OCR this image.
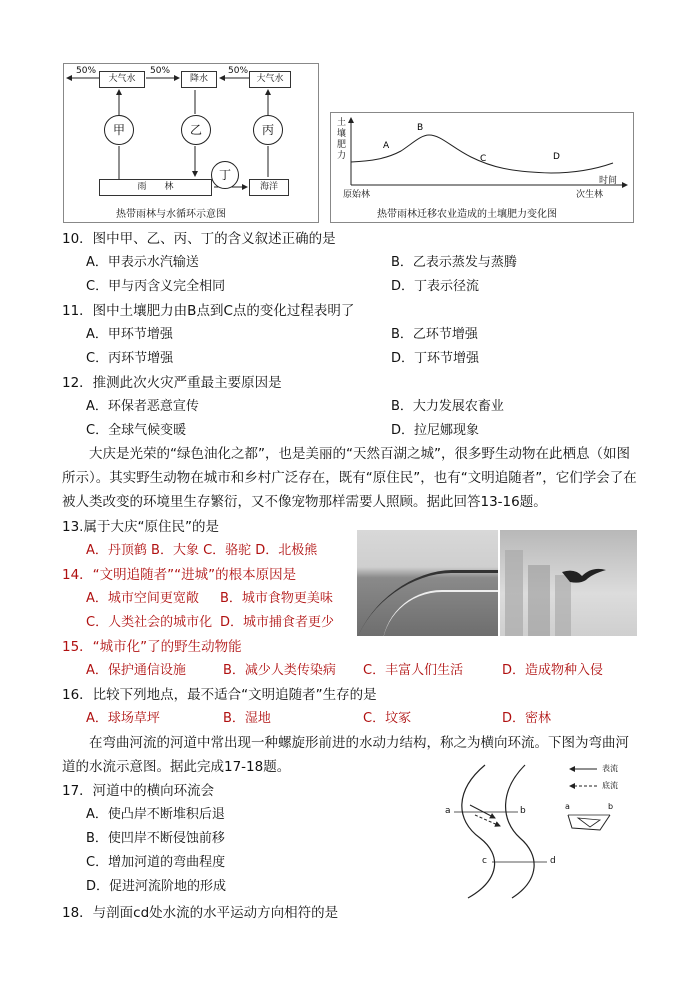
50%	50%	50%
大气水	降水	大气水
甲	乙	丙
丁
雨　　林	海洋
热带雨林与水循环示意图
A
B
C	D
土
壤
肥
力
时间
原始林	次生林
热带雨林迁移农业造成的土壤肥力变化图
10．图中甲、乙、丙、丁的含义叙述正确的是
A．甲表示水汽输送	B．乙表示蒸发与蒸腾
C．甲与丙含义完全相同	D．丁表示径流
11．图中土壤肥力由B点到C点的变化过程表明了
A．甲环节增强	B．乙环节增强
C．丙环节增强	D．丁环节增强
12．推测此次火灾严重最主要原因是
A．环保者恶意宣传	B．大力发展农畜业
C．全球气候变暖	D．拉尼娜现象
大庆是光荣的“绿色油化之都”，也是美丽的“天然百湖之城”，很多野生动物在此栖息（如图所示）。其实野生动物在城市和乡村广泛存在，既有“原住民”，也有“文明追随者”，它们学会了在被人类改变的环境里生存繁衍，又不像宠物那样需要人照顾。据此回答13-16题。
13.属于大庆“原住民”的是
A．丹顶鹤 B．大象 C．骆驼 D．北极熊
14．“文明追随者”“进城”的根本原因是
A．城市空间更宽敞 B．城市食物更美味
C．人类社会的城市化 D．城市捕食者更少
15．“城市化”了的野生动物能
A．保护通信设施	B．减少人类传染病 C．丰富人们生活	D．造成物种入侵
16．比较下列地点，最不适合“文明追随者”生存的是
A．球场草坪	B．湿地	C．坟冢	D．密林
在弯曲河流的河道中常出现一种螺旋形前进的水动力结构，称之为横向环流。下图为弯曲河道的水流示意图。据此完成17-18题。
17．河道中的横向环流会
A．使凸岸不断堆积后退
B．使凹岸不断侵蚀前移
C．增加河道的弯曲程度
D．促进河流阶地的形成
18．与剖面cd处水流的水平运动方向相符的是
表流
底流
a	b
c	d
a	b
